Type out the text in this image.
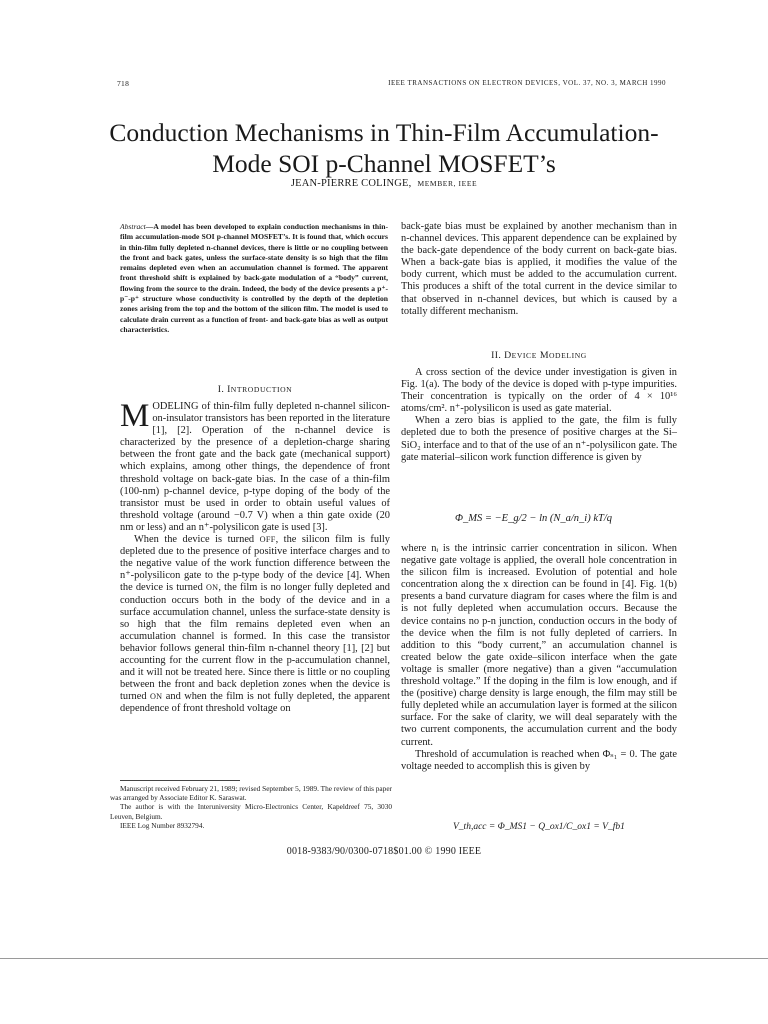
718	IEEE TRANSACTIONS ON ELECTRON DEVICES, VOL. 37, NO. 3, MARCH 1990
Conduction Mechanisms in Thin-Film Accumulation-
Mode SOI p-Channel MOSFET’s
JEAN-PIERRE COLINGE, MEMBER, IEEE
Abstract—A model has been developed to explain conduction mechanisms in thin-film accumulation-mode SOI p-channel MOSFET’s. It is found that, which occurs in thin-film fully depleted n-channel devices, there is little or no coupling between the front and back gates, unless the surface-state density is so high that the film remains depleted even when an accumulation channel is formed. The apparent front threshold shift is explained by back-gate modulation of a “body” current, flowing from the source to the drain. Indeed, the body of the device presents a p⁺-p⁻-p⁺ structure whose conductivity is controlled by the depth of the depletion zones arising from the top and the bottom of the silicon film. The model is used to calculate drain current as a function of front- and back-gate bias as well as output characteristics.
I. INTRODUCTION

MODELING of thin-film fully depleted n-channel silicon-on-insulator transistors has been reported in the literature [1], [2]. Operation of the n-channel device is characterized by the presence of a depletion-charge sharing between the front gate and the back gate (mechanical support) which explains, among other things, the dependence of front threshold voltage on back-gate bias. In the case of a thin-film (100-nm) p-channel device, p-type doping of the body of the transistor must be used in order to obtain useful values of threshold voltage (around −0.7 V) when a thin gate oxide (20 nm or less) and an n⁺-polysilicon gate is used [3].

When the device is turned OFF, the silicon film is fully depleted due to the presence of positive interface charges and to the negative value of the work function difference between the n⁺-polysilicon gate to the p-type body of the device [4]. When the device is turned ON, the film is no longer fully depleted and conduction occurs both in the body of the device and in a surface accumulation channel, unless the surface-state density is so high that the film remains depleted even when an accumulation channel is formed. In this case the transistor behavior follows general thin-film n-channel theory [1], [2] but accounting for the current flow in the p-accumulation channel, and it will not be treated here. Since there is little or no coupling between the front and back depletion zones when the device is turned ON and when the film is not fully depleted, the apparent dependence of front threshold voltage on

Manuscript received February 21, 1989; revised September 5, 1989. The review of this paper was arranged by Associate Editor K. Saraswat.

The author is with the Interuniversity Micro-Electronics Center, Kapeldreef 75, 3030 Leuven, Belgium.

IEEE Log Number 8932794.

back-gate bias must be explained by another mechanism than in n-channel devices. This apparent dependence can be explained by the back-gate dependence of the body current on back-gate bias. When a back-gate bias is applied, it modifies the value of the body current, which must be added to the accumulation current. This produces a shift of the total current in the device similar to that observed in n-channel devices, but which is caused by a totally different mechanism.

II. DEVICE MODELING

A cross section of the device under investigation is given in Fig. 1(a). The body of the device is doped with p-type impurities. Their concentration is typically on the order of 4 × 10¹⁶ atoms/cm². n⁺-polysilicon is used as gate material.

When a zero bias is applied to the gate, the film is fully depleted due to both the presence of positive charges at the Si–SiO₂ interface and to that of the use of an n⁺-polysilicon gate. The gate material–silicon work function difference is given by

Φ_MS = −E_g/2 − ln (N_a/n_i) kT/q

where nᵢ is the intrinsic carrier concentration in silicon. When negative gate voltage is applied, the overall hole concentration in the silicon film is increased. Evolution of potential and hole concentration along the x direction can be found in [4]. Fig. 1(b) presents a band curvature diagram for cases where the film is and is not fully depleted when accumulation occurs. Because the device contains no p-n junction, conduction occurs in the body of the device when the film is not fully depleted of carriers. In addition to this “body current,” an accumulation channel is created below the gate oxide–silicon interface when the gate voltage is smaller (more negative) than a given “accumulation threshold voltage.” If the doping in the film is low enough, and if the (positive) charge density is large enough, the film may still be fully depleted while an accumulation layer is formed at the silicon surface. For the sake of clarity, we will deal separately with the two current components, the accumulation current and the body current.

Threshold of accumulation is reached when Φₛ₁ = 0. The gate voltage needed to accomplish this is given by

V_th,acc = Φ_MS1 − Q_ox1/C_ox1 = V_fb1
0018-9383/90/0300-0718$01.00 © 1990 IEEE
